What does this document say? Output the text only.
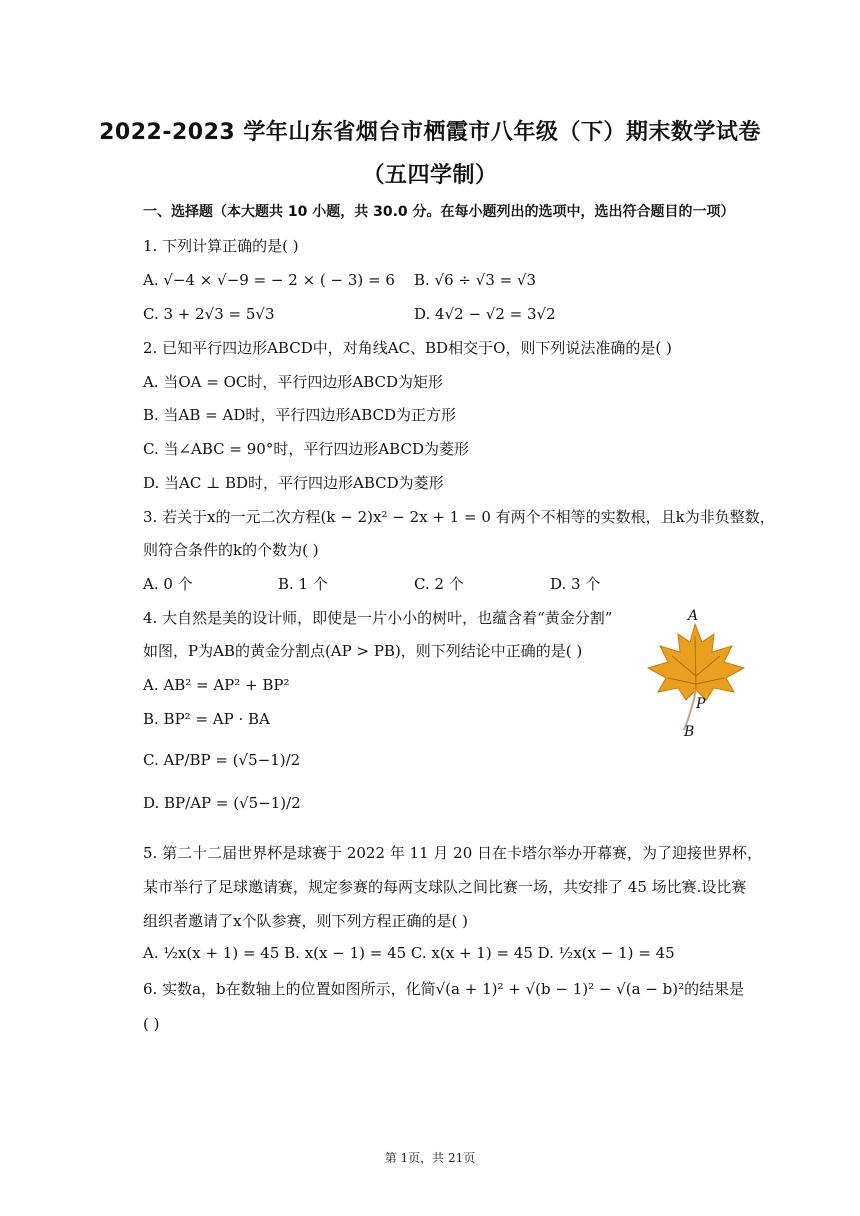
2022-2023 学年山东省烟台市栖霞市八年级（下）期末数学试卷
（五四学制）
一、选择题（本大题共 10 小题，共 30.0 分。在每小题列出的选项中，选出符合题目的一项）
1. 下列计算正确的是( )
A. √−4 × √−9 = − 2 × ( − 3) = 6 B. √6 ÷ √3 = √3
C. 3 + 2√3 = 5√3	D. 4√2 − √2 = 3√2
2. 已知平行四边形ABCD中，对角线AC、BD相交于O，则下列说法准确的是( )
A. 当OA = OC时，平行四边形ABCD为矩形
B. 当AB = AD时，平行四边形ABCD为正方形
C. 当∠ABC = 90°时，平行四边形ABCD为菱形
D. 当AC ⊥ BD时，平行四边形ABCD为菱形
3. 若关于x的一元二次方程(k − 2)x² − 2x + 1 = 0 有两个不相等的实数根，且k为非负整数，
则符合条件的k的个数为( )
A. 0 个	B. 1 个	C. 2 个	D. 3 个
4. 大自然是美的设计师，即使是一片小小的树叶，也蕴含着“黄金分割”
如图，P为AB的黄金分割点(AP > PB)，则下列结论中正确的是( )
A. AB² = AP² + BP²
B. BP² = AP · BA
C. AP/BP = (√5−1)/2
D. BP/AP = (√5−1)/2
A
P
B
5. 第二十二届世界杯是球赛于 2022 年 11 月 20 日在卡塔尔举办开幕赛，为了迎接世界杯，
某市举行了足球邀请赛，规定参赛的每两支球队之间比赛一场，共安排了 45 场比赛.设比赛
组织者邀请了x个队参赛，则下列方程正确的是( )
A. ½x(x + 1) = 45 B. x(x − 1) = 45 C. x(x + 1) = 45 D. ½x(x − 1) = 45
6. 实数a，b在数轴上的位置如图所示，化简√(a + 1)² + √(b − 1)² − √(a − b)²的结果是
( )
第 1页，共 21页
